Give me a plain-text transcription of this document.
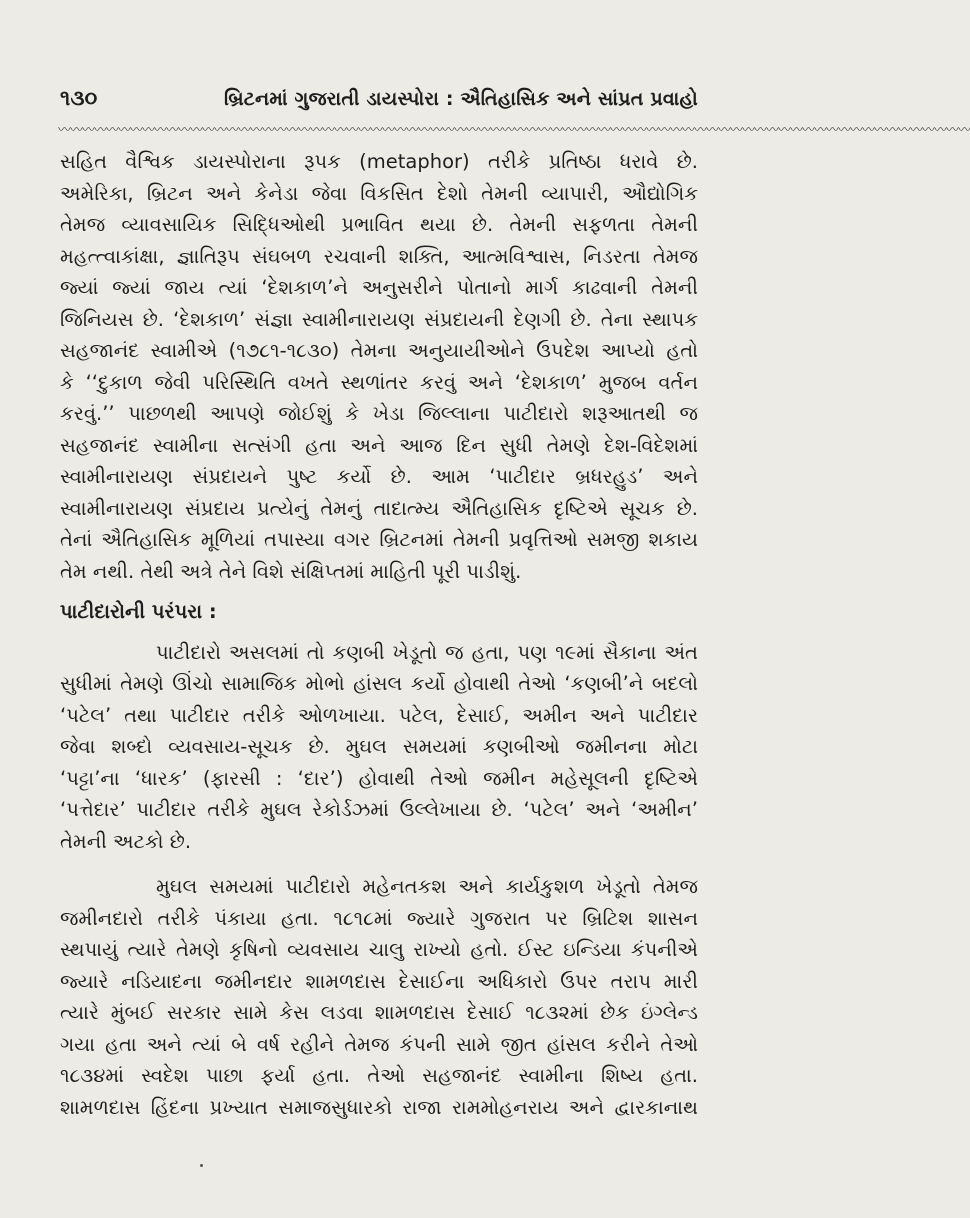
૧૩૦	બ્રિટનમાં ગુજરાતી ડાયસ્પોરા : ઐતિહાસિક અને સાંપ્રત પ્રવાહો
〰〰〰〰〰〰〰〰〰〰〰〰〰〰〰〰〰〰〰〰〰〰〰〰〰〰〰〰〰〰〰〰〰〰〰〰〰〰〰〰〰〰〰〰〰〰〰〰〰〰〰〰〰〰〰〰〰〰〰〰〰〰〰〰〰〰〰〰〰〰〰〰〰〰〰〰
સહિત વૈશ્વિક ડાયસ્પોરાના રૂપક (metaphor) તરીકે પ્રતિષ્ઠા ધરાવે છે.
અમેરિકા, બ્રિટન અને કેનેડા જેવા વિકસિત દેશો તેમની વ્યાપારી, ઔદ્યોગિક
તેમજ વ્યાવસાયિક સિદ્ધિઓથી પ્રભાવિત થયા છે. તેમની સફળતા તેમની
મહત્ત્વાકાંક્ષા, જ્ઞાતિરૂપ સંઘબળ રચવાની શક્તિ, આત્મવિશ્વાસ, નિડરતા તેમજ
જ્યાં જ્યાં જાય ત્યાં ‘દેશકાળ’ને અનુસરીને પોતાનો માર્ગ કાઢવાની તેમની
જિનિયસ છે. ‘દેશકાળ’ સંજ્ઞા સ્વામીનારાયણ સંપ્રદાયની દેણગી છે. તેના સ્થાપક
સહજાનંદ સ્વામીએ (૧૭૮૧-૧૮૩૦) તેમના અનુયાયીઓને ઉપદેશ આપ્યો હતો
કે ‘‘દુકાળ જેવી પરિસ્થિતિ વખતે સ્થળાંતર કરવું અને ‘દેશકાળ’ મુજબ વર્તન
કરવું.’’ પાછળથી આપણે જોઈશું કે ખેડા જિલ્લાના પાટીદારો શરૂઆતથી જ
સહજાનંદ સ્વામીના સત્સંગી હતા અને આજ દિન સુધી તેમણે દેશ-વિદેશમાં
સ્વામીનારાયણ સંપ્રદાયને પુષ્ટ કર્યો છે. આમ ‘પાટીદાર બ્રધરહુડ’ અને
સ્વામીનારાયણ સંપ્રદાય પ્રત્યેનું તેમનું તાદાત્મ્ય ઐતિહાસિક દૃષ્ટિએ સૂચક છે.
તેનાં ઐતિહાસિક મૂળિયાં તપાસ્યા વગર બ્રિટનમાં તેમની પ્રવૃત્તિઓ સમજી શકાય
તેમ નથી. તેથી અત્રે તેને વિશે સંક્ષિપ્તમાં માહિતી પૂરી પાડીશું.
પાટીદારોની પરંપરા :
પાટીદારો અસલમાં તો કણબી ખેડૂતો જ હતા, પણ ૧૯માં સૈકાના અંત
સુધીમાં તેમણે ઊંચો સામાજિક મોભો હાંસલ કર્યો હોવાથી તેઓ ‘કણબી’ને બદલો
‘પટેલ’ તથા પાટીદાર તરીકે ઓળખાયા. પટેલ, દેસાઈ, અમીન અને પાટીદાર
જેવા શબ્દો વ્યવસાય-સૂચક છે. મુઘલ સમયમાં કણબીઓ જમીનના મોટા
‘પટ્ટા’ના ‘ધારક’ (ફારસી : ‘દાર’) હોવાથી તેઓ જમીન મહેસૂલની દૃષ્ટિએ
‘પત્તેદાર’ પાટીદાર તરીકે મુઘલ રેકોર્ડઝમાં ઉલ્લેખાયા છે. ‘પટેલ’ અને ‘અમીન’
તેમની અટકો છે.
મુઘલ સમયમાં પાટીદારો મહેનતકશ અને કાર્યકુશળ ખેડૂતો તેમજ
જમીનદારો તરીકે પંકાયા હતા. ૧૮૧૮માં જ્યારે ગુજરાત પર બ્રિટિશ શાસન
સ્થપાયું ત્યારે તેમણે કૃષિનો વ્યવસાય ચાલુ રાખ્યો હતો. ઈસ્ટ ઇન્ડિયા કંપનીએ
જ્યારે નડિયાદના જમીનદાર શામળદાસ દેસાઈના અધિકારો ઉપર તરાપ મારી
ત્યારે મુંબઈ સરકાર સામે કેસ લડવા શામળદાસ દેસાઈ ૧૮૩૨માં છેક ઇંગ્લેન્ડ
ગયા હતા અને ત્યાં બે વર્ષ રહીને તેમજ કંપની સામે જીત હાંસલ કરીને તેઓ
૧૮૩૪માં સ્વદેશ પાછા ફર્યા હતા. તેઓ સહજાનંદ સ્વામીના શિષ્ય હતા.
શામળદાસ હિંદના પ્રખ્યાત સમાજસુધારકો રાજા રામમોહનરાય અને દ્વારકાનાથ
